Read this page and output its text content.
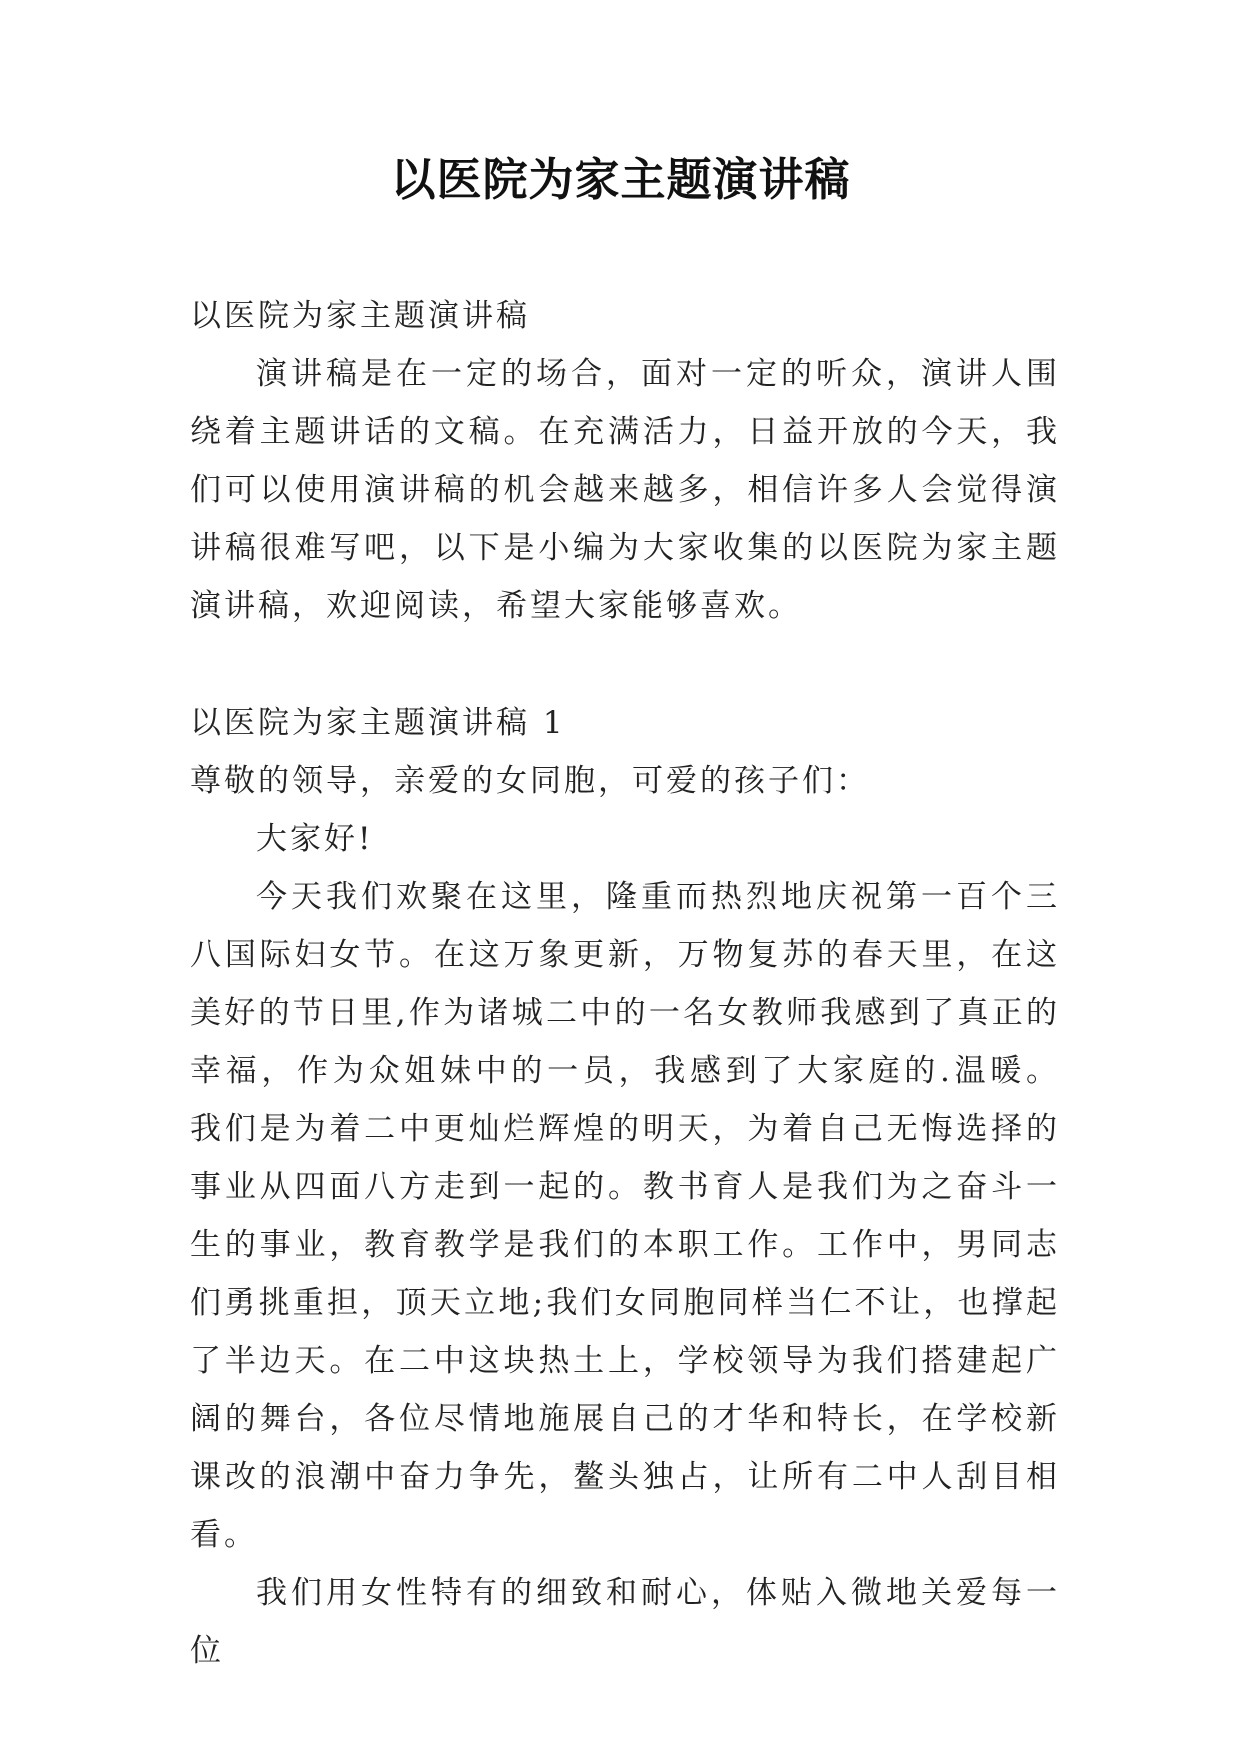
以医院为家主题演讲稿

以医院为家主题演讲稿

演讲稿是在一定的场合，面对一定的听众，演讲人围绕着主题讲话的文稿。在充满活力，日益开放的今天，我们可以使用演讲稿的机会越来越多，相信许多人会觉得演讲稿很难写吧，以下是小编为大家收集的以医院为家主题演讲稿，欢迎阅读，希望大家能够喜欢。

以医院为家主题演讲稿 1

尊敬的领导，亲爱的女同胞，可爱的孩子们：

大家好!

今天我们欢聚在这里，隆重而热烈地庆祝第一百个三八国际妇女节。在这万象更新，万物复苏的春天里，在这美好的节日里,作为诸城二中的一名女教师我感到了真正的幸福，作为众姐妹中的一员，我感到了大家庭的.温暖。 我们是为着二中更灿烂辉煌的明天，为着自己无悔选择的事业从四面八方走到一起的。教书育人是我们为之奋斗一生的事业，教育教学是我们的本职工作。工作中，男同志们勇挑重担，顶天立地;我们女同胞同样当仁不让，也撑起了半边天。在二中这块热土上，学校领导为我们搭建起广阔的舞台，各位尽情地施展自己的才华和特长，在学校新课改的浪潮中奋力争先，鳌头独占，让所有二中人刮目相看。

我们用女性特有的细致和耐心，体贴入微地关爱每一位
